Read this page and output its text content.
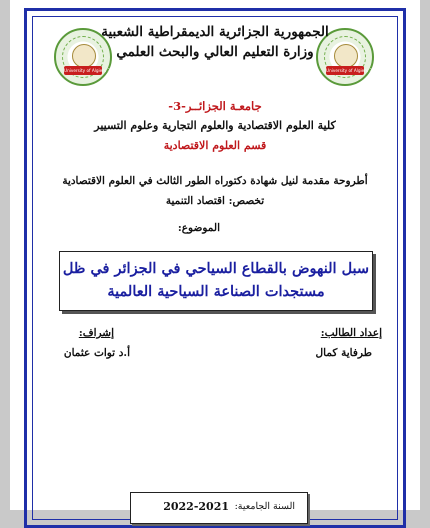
University of Algiers 3	University of Algiers 3
الجمهورية الجزائرية الديمقراطية الشعبية
وزارة التعليم العالي والبحث العلمي
جامعـة الجزائــر-3-
كلية العلوم الاقتصادية والعلوم التجارية وعلوم التسيير
قسم العلوم الاقتصادية
أطروحة مقدمة لنيل شهادة دكتوراه الطور الثالث في العلوم الاقتصادية
تخصص: اقتصاد التنمية
الموضوع:
سبل النهوض بالقطاع السياحي في الجزائر في ظل
مستجدات الصناعة السياحية العالمية
إعداد الطالب:
طرفاية كمال
إشراف:
أ.د توات عثمان
السنة الجامعية:
2022-2021
